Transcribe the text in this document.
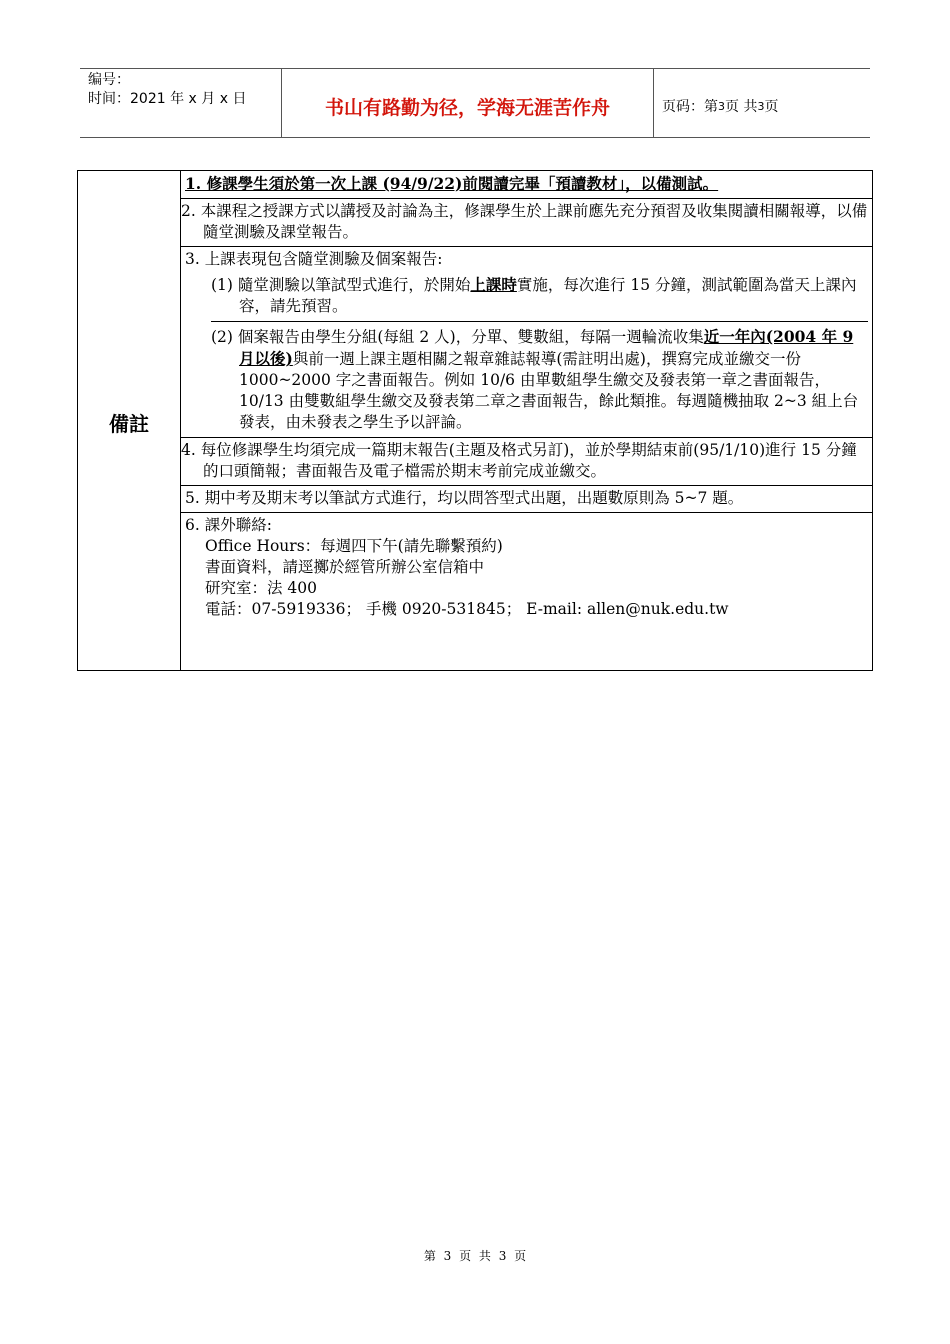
编号：
时间：2021 年 x 月 x 日	书山有路勤为径，学海无涯苦作舟	页码：第 3 页 共 3 页
備註
1. 修課學生須於第一次上課 (94/9/22)前閱讀完畢「預讀教材」，以備測試。
2. 本課程之授課方式以講授及討論為主，修課學生於上課前應先充分預習及收集閱讀相關報導，以備隨堂測驗及課堂報告。
3. 上課表現包含隨堂測驗及個案報告:
(1) 隨堂測驗以筆試型式進行，於開始上課時實施，每次進行 15 分鐘，測試範圍為當天上課內容，請先預習。
(2) 個案報告由學生分組(每組 2 人)，分單、雙數組，每隔一週輪流收集近一年內(2004 年 9 月以後)與前一週上課主題相關之報章雜誌報導(需註明出處)，撰寫完成並繳交一份 1000~2000 字之書面報告。例如 10/6 由單數組學生繳交及發表第一章之書面報告，10/13 由雙數組學生繳交及發表第二章之書面報告，餘此類推。每週隨機抽取 2~3 組上台發表，由未發表之學生予以評論。
4. 每位修課學生均須完成一篇期末報告(主題及格式另訂)，並於學期結束前(95/1/10)進行 15 分鐘的口頭簡報；書面報告及電子檔需於期末考前完成並繳交。
5. 期中考及期末考以筆試方式進行，均以問答型式出題，出題數原則為 5~7 題。
6. 課外聯絡:
Office Hours：每週四下午(請先聯繫預約)
書面資料，請逕擲於經管所辦公室信箱中
研究室：法 400
電話：07-5919336； 手機 0920-531845； E-mail: allen@nuk.edu.tw
第 3 页 共 3 页
